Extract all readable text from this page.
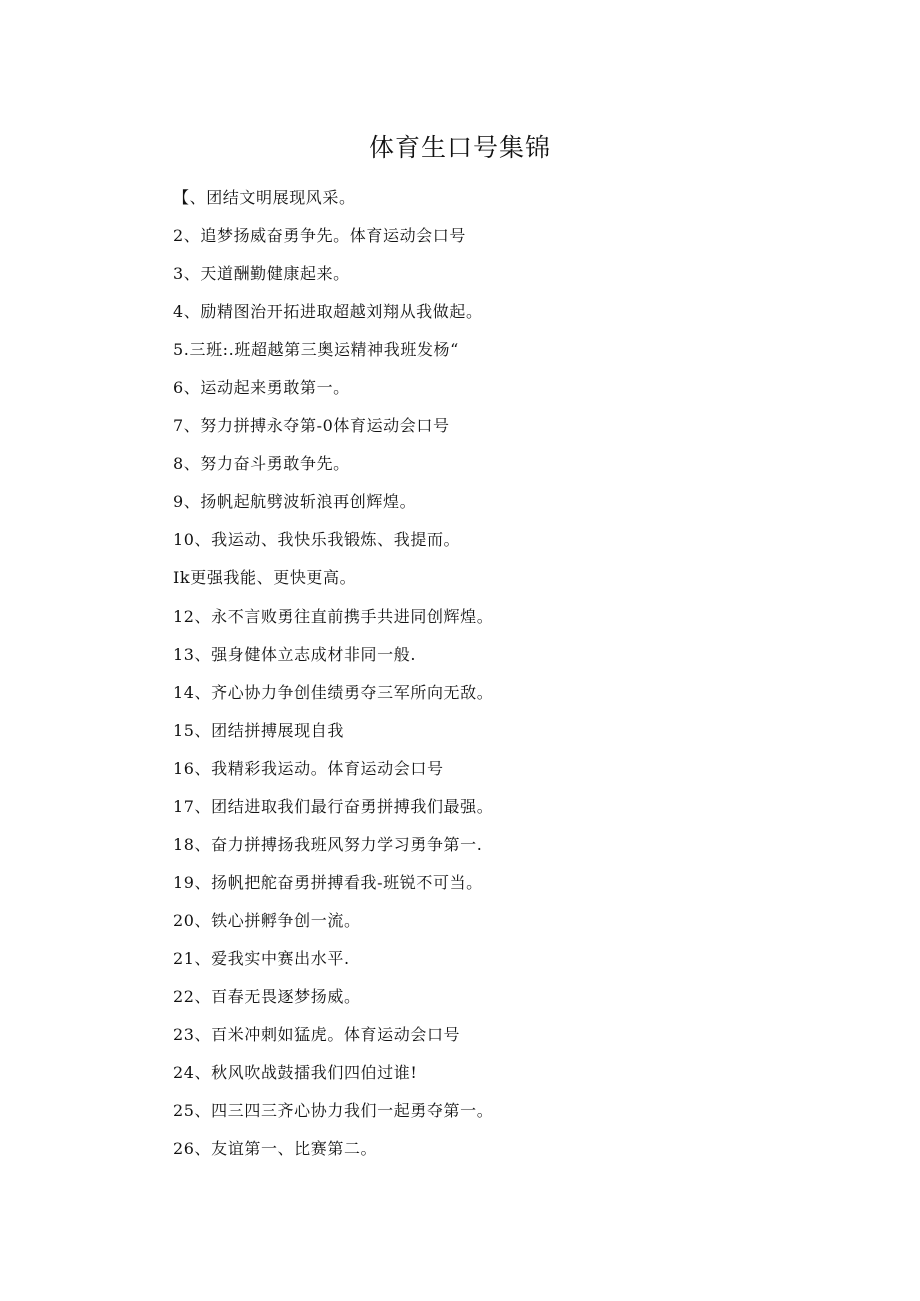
体育生口号集锦
【、团结文明展现风采。
2、追梦扬威奋勇争先。体育运动会口号
3、天道酬勤健康起来。
4、励精图治开拓进取超越刘翔从我做起。
5.三班:.班超越第三奥运精神我班发杨“
6、运动起来勇敢第一。
7、努力拼搏永夺第-0体育运动会口号
8、努力奋斗勇敢争先。
9、扬帆起航劈波斩浪再创辉煌。
10、我运动、我快乐我锻炼、我提而。
Ik更强我能、更快更高。
12、永不言败勇往直前携手共进同创辉煌。
13、强身健体立志成材非同一般.
14、齐心协力争创佳绩勇夺三军所向无敌。
15、团结拼搏展现自我
16、我精彩我运动。体育运动会口号
17、团结进取我们最行奋勇拼搏我们最强。
18、奋力拼搏扬我班风努力学习勇争第一.
19、扬帆把舵奋勇拼搏看我-班锐不可当。
20、铁心拼孵争创一流。
21、爱我实中赛出水平.
22、百春无畏逐梦扬威。
23、百米冲刺如猛虎。体育运动会口号
24、秋风吹战鼓擂我们四伯过谁!
25、四三四三齐心协力我们一起勇夺第一。
26、友谊第一、比赛第二。
